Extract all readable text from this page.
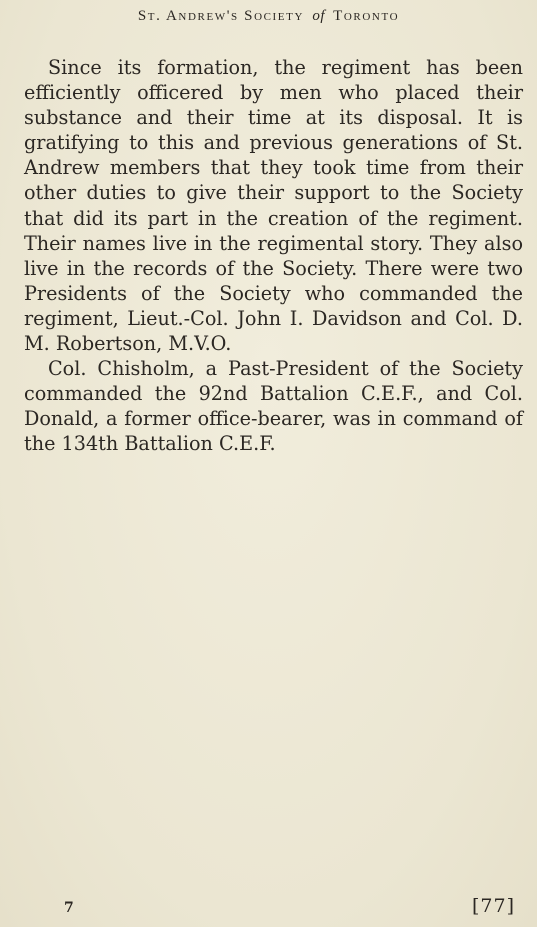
St. Andrew's Society of Toronto

Since its formation, the regiment has been efficiently officered by men who placed their substance and their time at its disposal. It is gratifying to this and previous generations of St. Andrew members that they took time from their other duties to give their support to the Society that did its part in the creation of the regiment. Their names live in the regimental story. They also live in the records of the Society. There were two Presidents of the Society who commanded the regiment, Lieut.-Col. John I. Davidson and Col. D. M. Robertson, M.V.O.

Col. Chisholm, a Past-President of the Society commanded the 92nd Battalion C.E.F., and Col. Donald, a former office-bearer, was in command of the 134th Battalion C.E.F.

7	[77]
